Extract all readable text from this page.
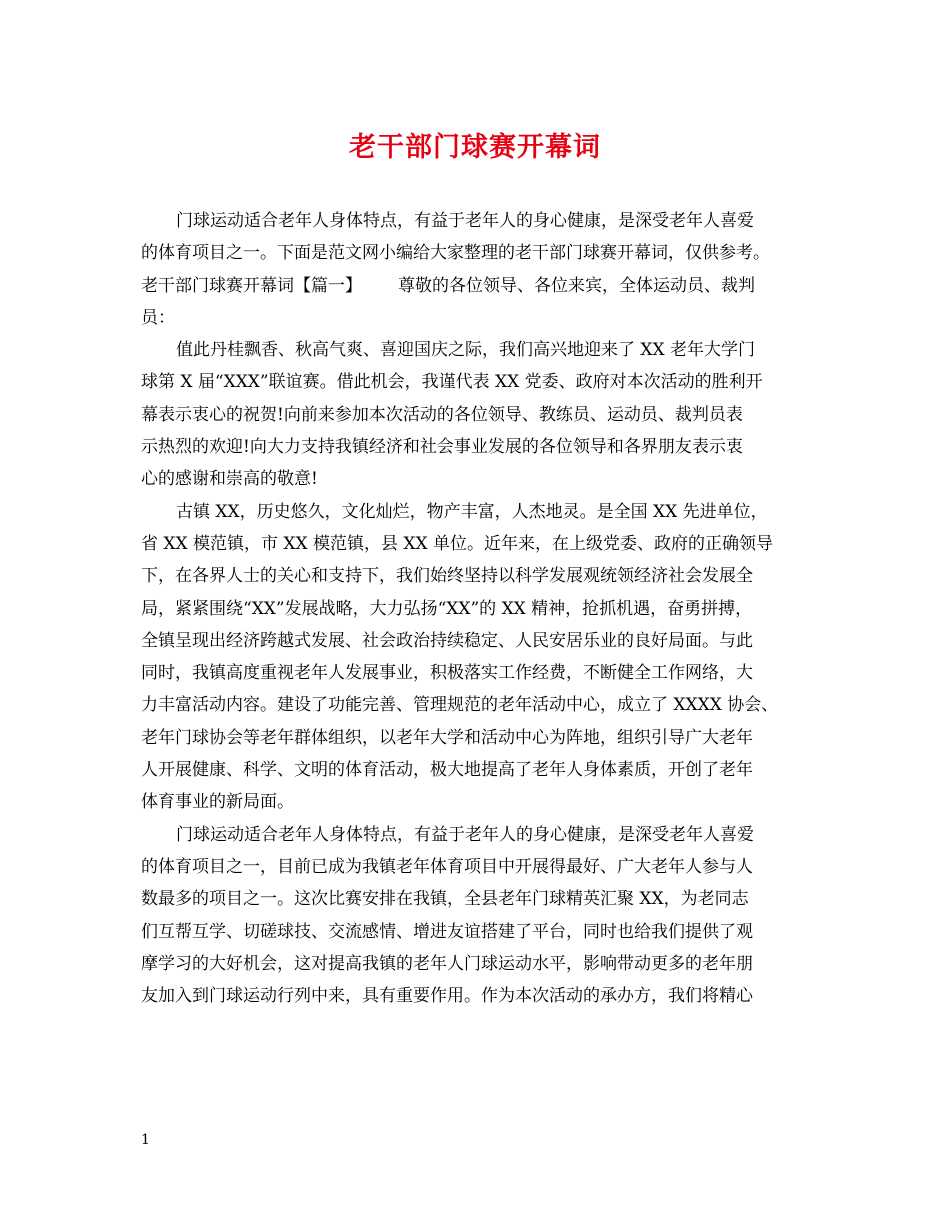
老干部门球赛开幕词
门球运动适合老年人身体特点，有益于老年人的身心健康，是深受老年人喜爱
的体育项目之一。下面是范文网小编给大家整理的老干部门球赛开幕词，仅供参考。
老干部门球赛开幕词【篇一】 尊敬的各位领导、各位来宾，全体运动员、裁判
员：
值此丹桂飘香、秋高气爽、喜迎国庆之际，我们高兴地迎来了 XX 老年大学门
球第 X 届“XXX”联谊赛。借此机会，我谨代表 XX 党委、政府对本次活动的胜利开
幕表示衷心的祝贺!向前来参加本次活动的各位领导、教练员、运动员、裁判员表
示热烈的欢迎!向大力支持我镇经济和社会事业发展的各位领导和各界朋友表示衷
心的感谢和崇高的敬意!
古镇 XX，历史悠久，文化灿烂，物产丰富，人杰地灵。是全国 XX 先进单位，
省 XX 模范镇，市 XX 模范镇，县 XX 单位。近年来，在上级党委、政府的正确领导
下，在各界人士的关心和支持下，我们始终坚持以科学发展观统领经济社会发展全
局，紧紧围绕“XX”发展战略，大力弘扬“XX”的 XX 精神，抢抓机遇，奋勇拼搏，
全镇呈现出经济跨越式发展、社会政治持续稳定、人民安居乐业的良好局面。与此
同时，我镇高度重视老年人发展事业，积极落实工作经费，不断健全工作网络，大
力丰富活动内容。建设了功能完善、管理规范的老年活动中心，成立了 XXXX 协会、
老年门球协会等老年群体组织，以老年大学和活动中心为阵地，组织引导广大老年
人开展健康、科学、文明的体育活动，极大地提高了老年人身体素质，开创了老年
体育事业的新局面。
门球运动适合老年人身体特点，有益于老年人的身心健康，是深受老年人喜爱
的体育项目之一，目前已成为我镇老年体育项目中开展得最好、广大老年人参与人
数最多的项目之一。这次比赛安排在我镇，全县老年门球精英汇聚 XX，为老同志
们互帮互学、切磋球技、交流感情、增进友谊搭建了平台，同时也给我们提供了观
摩学习的大好机会，这对提高我镇的老年人门球运动水平，影响带动更多的老年朋
友加入到门球运动行列中来，具有重要作用。作为本次活动的承办方，我们将精心
1
